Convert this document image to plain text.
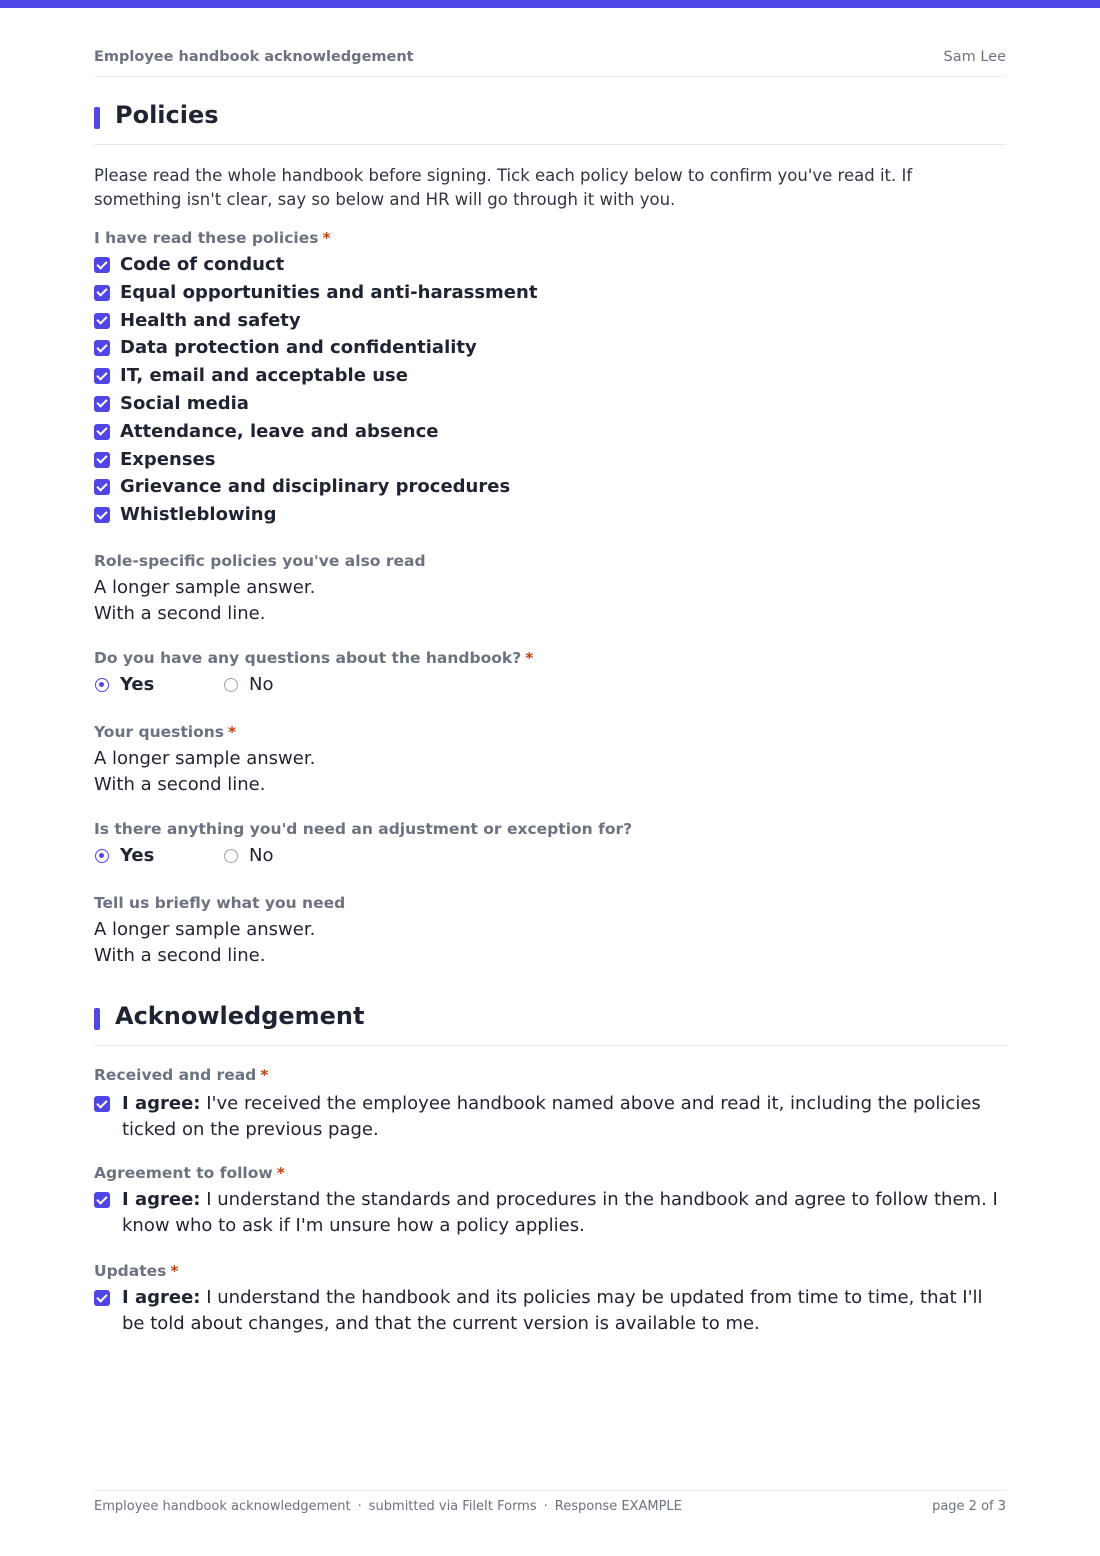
Employee handbook acknowledgement	Sam Lee
Policies
Please read the whole handbook before signing. Tick each policy below to confirm you've read it. If something isn't clear, say so below and HR will go through it with you.
I have read these policies *
Code of conduct
Equal opportunities and anti-harassment
Health and safety
Data protection and confidentiality
IT, email and acceptable use
Social media
Attendance, leave and absence
Expenses
Grievance and disciplinary procedures
Whistleblowing
Role-specific policies you've also read
A longer sample answer.
With a second line.
Do you have any questions about the handbook? *
Yes	No
Your questions *
A longer sample answer.
With a second line.
Is there anything you'd need an adjustment or exception for?
Yes	No
Tell us briefly what you need
A longer sample answer.
With a second line.
Acknowledgement
Received and read *
I agree: I've received the employee handbook named above and read it, including the policies ticked on the previous page.
Agreement to follow *
I agree: I understand the standards and procedures in the handbook and agree to follow them. I know who to ask if I'm unsure how a policy applies.
Updates *
I agree: I understand the handbook and its policies may be updated from time to time, that I'll be told about changes, and that the current version is available to me.
Employee handbook acknowledgement · submitted via FileIt Forms · Response EXAMPLE	page 2 of 3
